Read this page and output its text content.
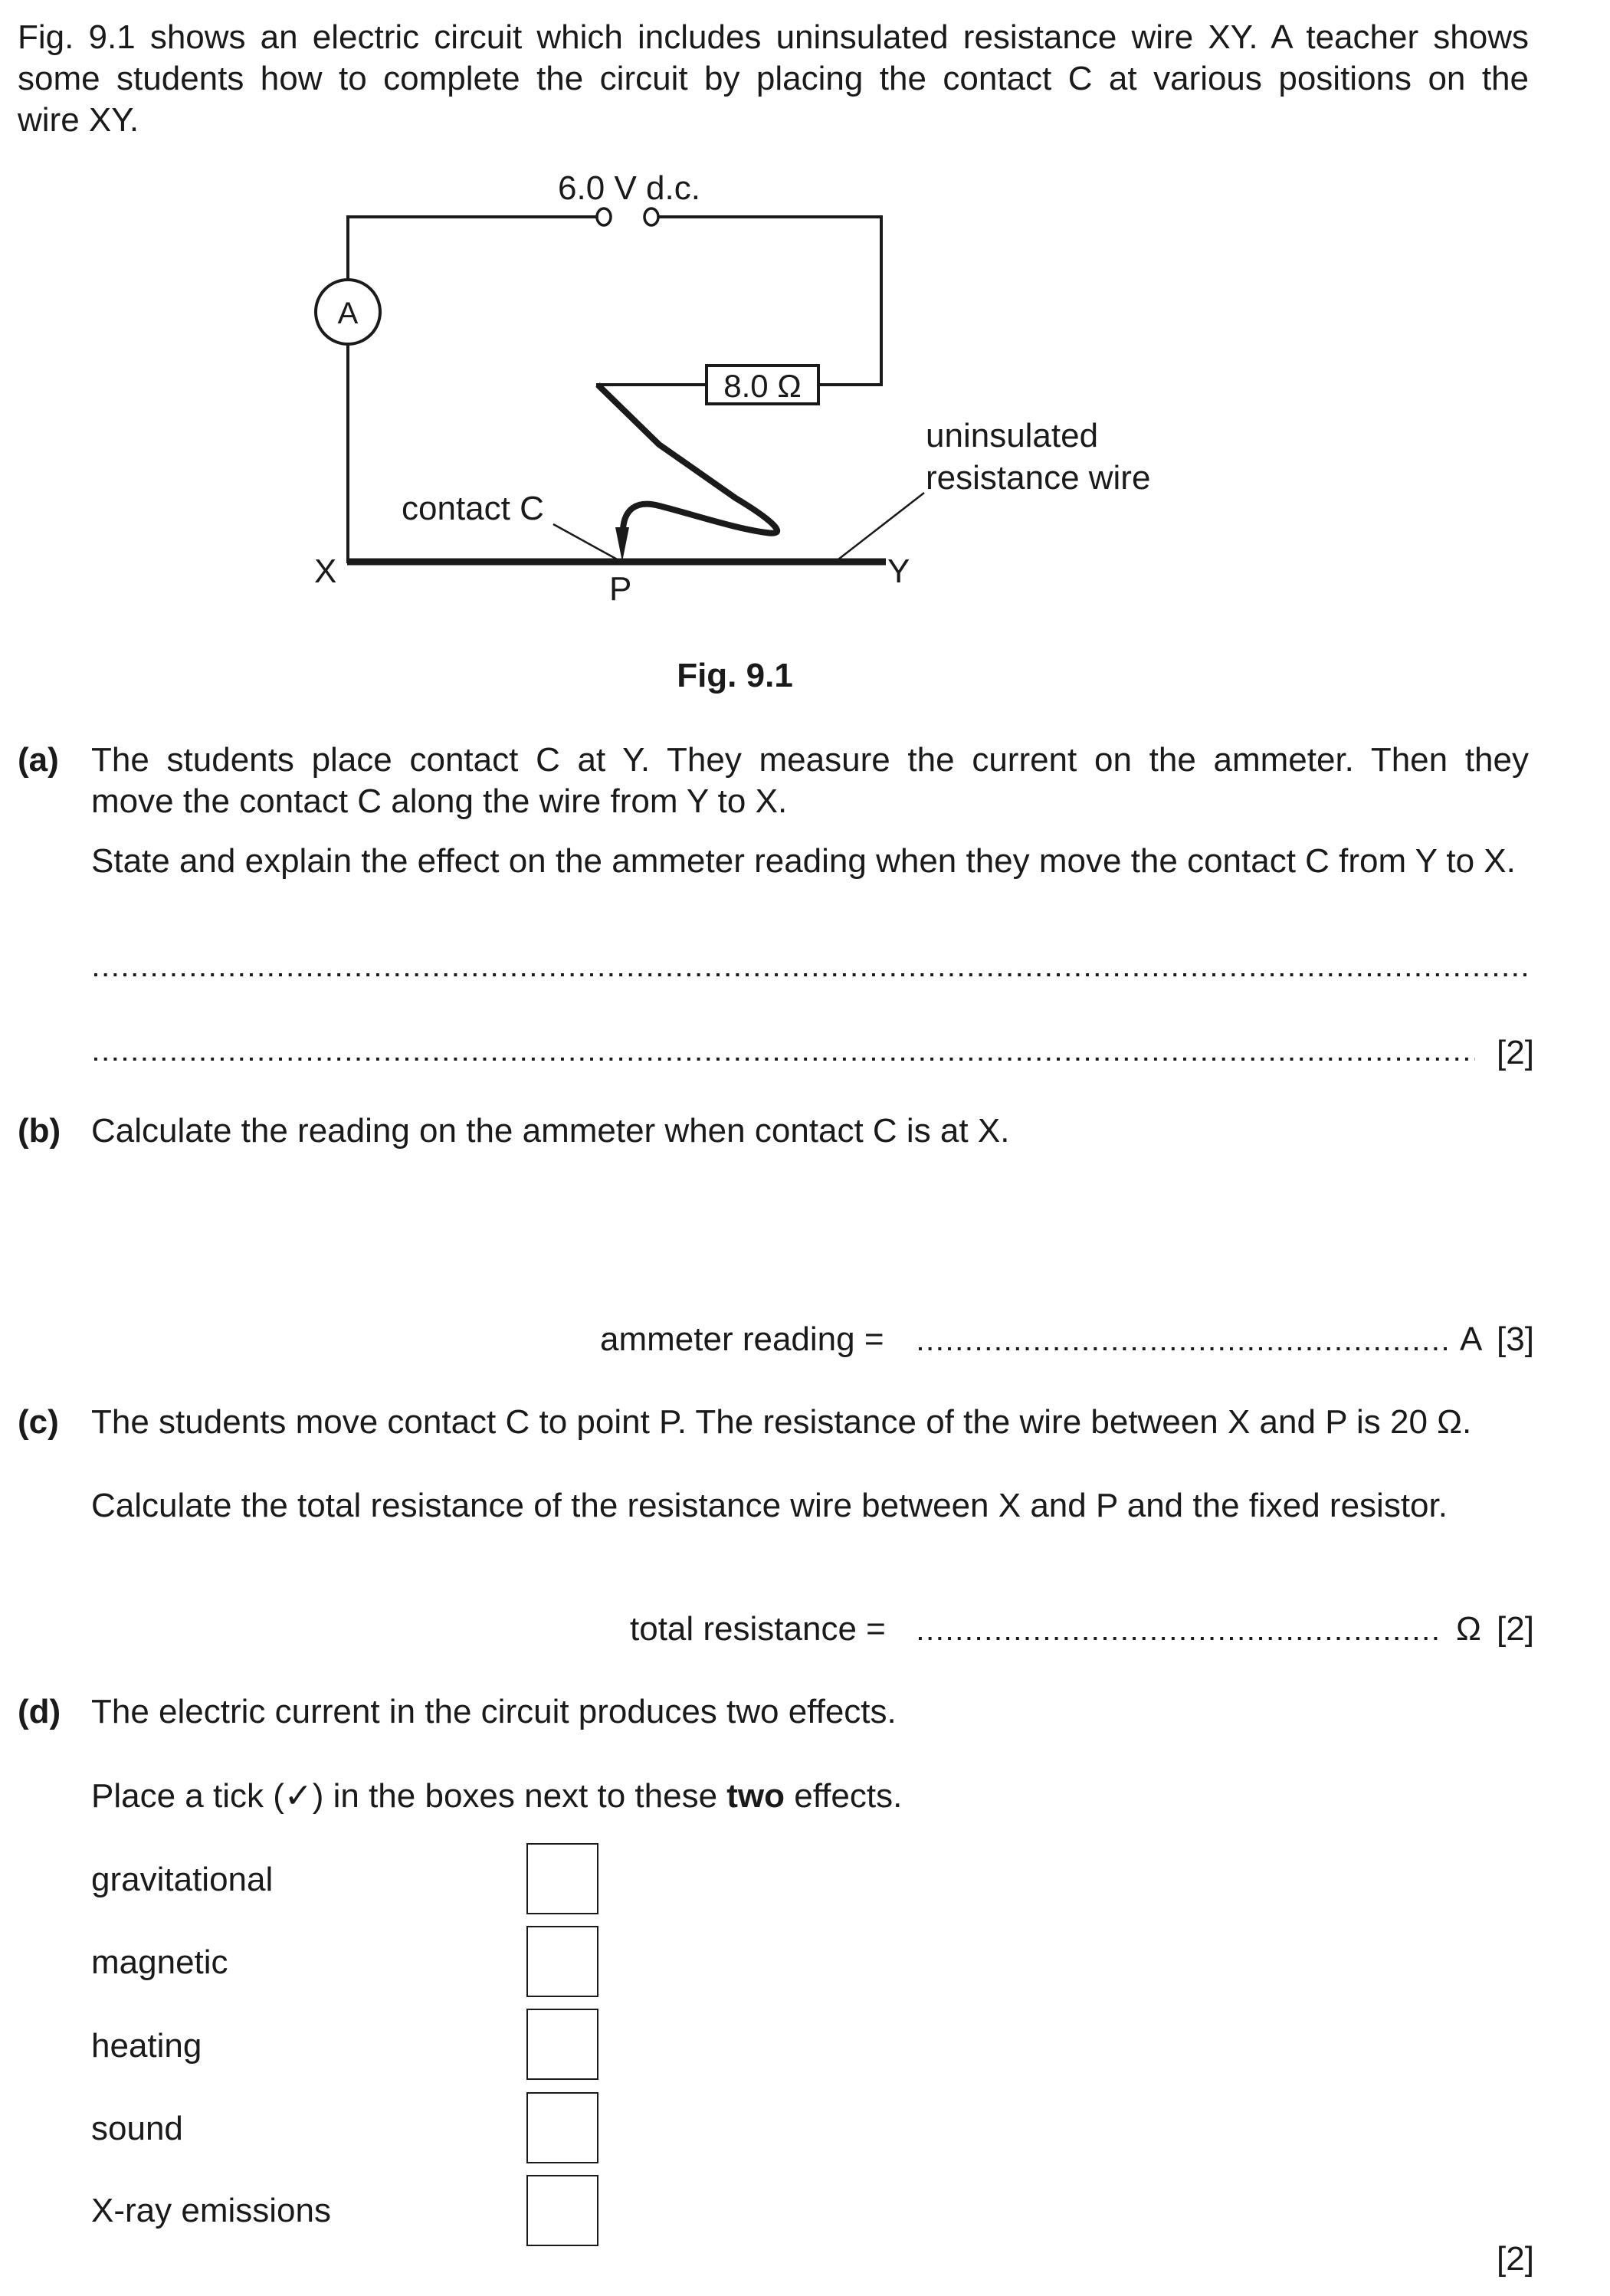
Fig. 9.1 shows an electric circuit which includes uninsulated resistance wire XY. A teacher shows
some students how to complete the circuit by placing the contact C at various positions on the
wire XY.
6.0 V d.c.
A
8.0 Ω
contact C
uninsulated
resistance wire
X	Y
P
Fig. 9.1
(a) The students place contact C at Y. They measure the current on the ammeter. Then they
move the contact C along the wire from Y to X.
State and explain the effect on the ammeter reading when they move the contact C from Y to X.
[2]
(b) Calculate the reading on the ammeter when contact C is at X.
ammeter reading =	A [3]
(c) The students move contact C to point P. The resistance of the wire between X and P is 20 Ω.
Calculate the total resistance of the resistance wire between X and P and the fixed resistor.
total resistance =	Ω [2]
(d) The electric current in the circuit produces two effects.
Place a tick (✓) in the boxes next to these two effects.
gravitational
magnetic
heating
sound
X-ray emissions
[2]
